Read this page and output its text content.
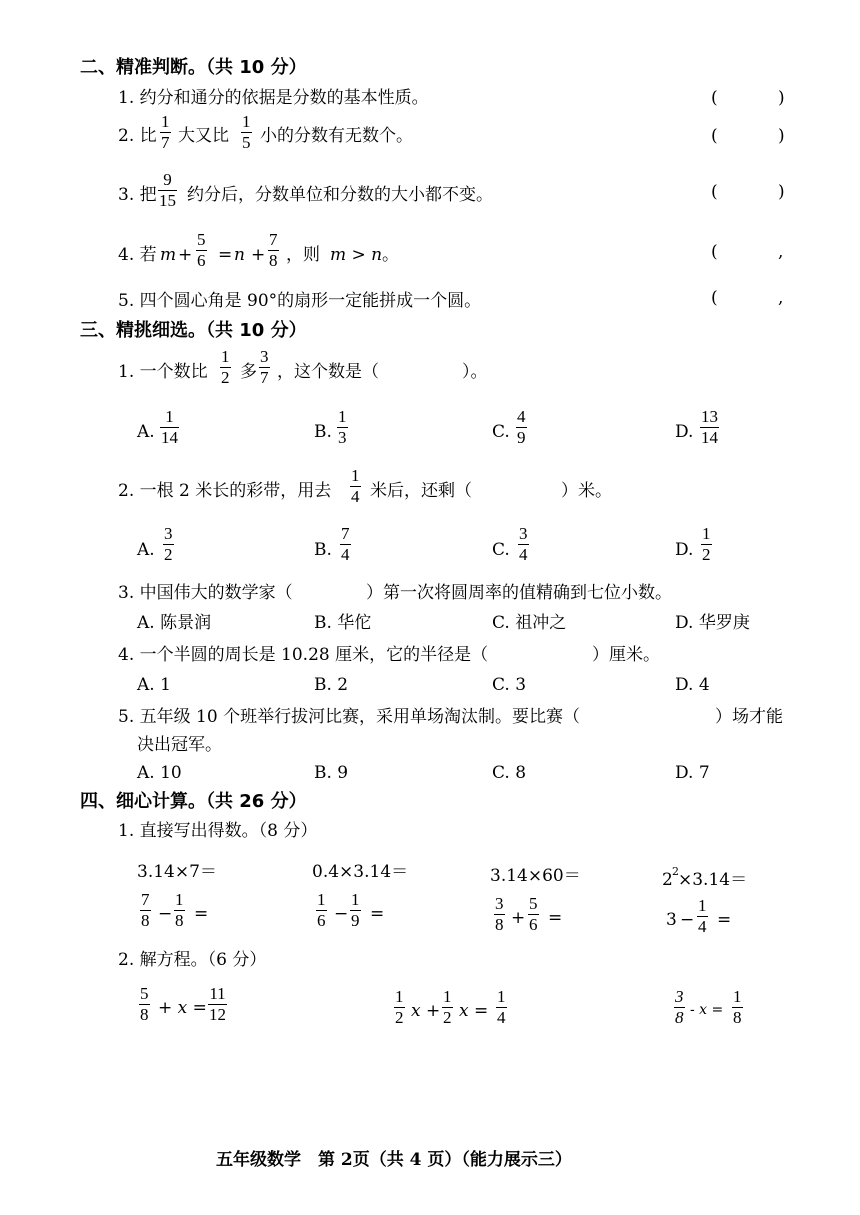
二、精准判断。（共 10 分）
1. 约分和通分的依据是分数的基本性质。	(	)
2. 比
1
7 大又比
1
5 小的分数有无数个。	(	)
3. 把
9
15 约分后，分数单位和分数的大小都不变。	(	)
4. 若 m +
5
6 = n +
7
8 ，则 m > n 。	(	,
5. 四个圆心角是 90°的扇形一定能拼成一个圆。	(	,
三、精挑细选。（共 10 分）
1. 一个数比
1
2 多
3
7 ，这个数是（	）。
A.
1
14	B.
1
3	C.
4
9	D.
13
14
2. 一根 2 米长的彩带，用去
1
4 米后，还剩（	）米。
A.
3
2	B.
7
4	C.
3
4	D.
1
2
3. 中国伟大的数学家（	）第一次将圆周率的值精确到七位小数。
A. 陈景润	B. 华佗	C. 祖冲之	D. 华罗庚
4. 一个半圆的周长是 10.28 厘米，它的半径是（	）厘米。
A. 1	B. 2	C. 3	D. 4
5. 五年级 10 个班举行拔河比赛，采用单场淘汰制。要比赛（	）场才能
决出冠军。
A. 10	B. 9	C. 8	D. 7
四、细心计算。（共 26 分）
1. 直接写出得数。（8 分）
3.14×7＝	0.4×3.14＝	3.14×60＝	2 2 ×3.14＝
7
8 −
1
8 =
1
6 −
1
9 =
3
8 +
5
6 =	3 −
1
4 =
2. 解方程。（6 分）
5
8 + x =
11
12
1
2 x +
1
2 x =
1
4
3
8 - x =
1
8
五年级数学　第 2页（共 4 页）（能力展示三）
